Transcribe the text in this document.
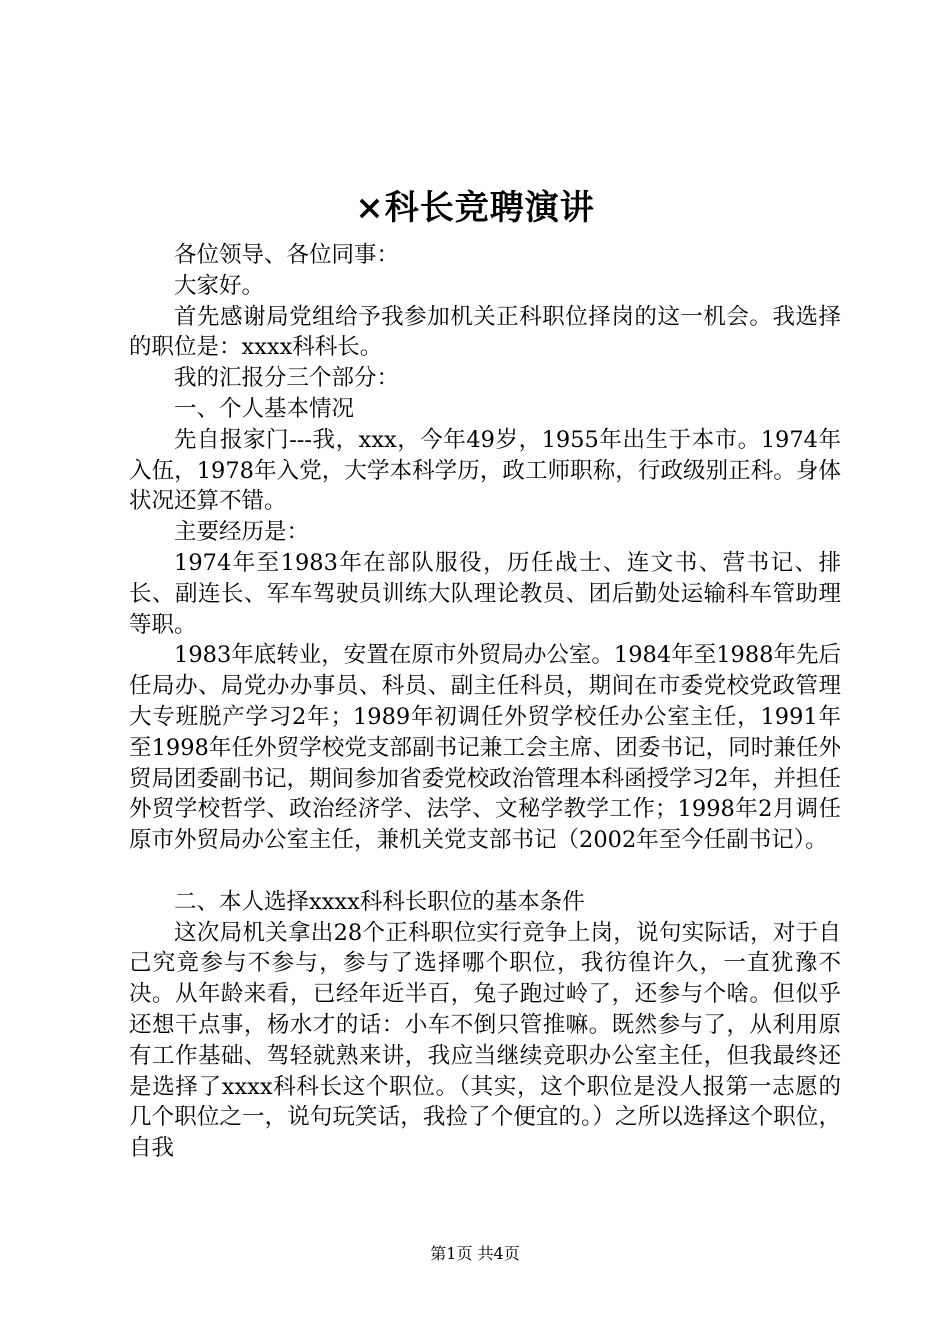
×科长竞聘演讲

各位领导、各位同事：

大家好。

首先感谢局党组给予我参加机关正科职位择岗的这一机会。我选择的职位是：xxxx科科长。

我的汇报分三个部分：

一、个人基本情况

先自报家门---我，xxx，今年49岁，1955年出生于本市。1974年入伍，1978年入党，大学本科学历，政工师职称，行政级别正科。身体状况还算不错。

主要经历是：

1974年至1983年在部队服役，历任战士、连文书、营书记、排长、副连长、军车驾驶员训练大队理论教员、团后勤处运输科车管助理等职。

1983年底转业，安置在原市外贸局办公室。1984年至1988年先后任局办、局党办办事员、科员、副主任科员，期间在市委党校党政管理大专班脱产学习2年；1989年初调任外贸学校任办公室主任，1991年至1998年任外贸学校党支部副书记兼工会主席、团委书记，同时兼任外贸局团委副书记，期间参加省委党校政治管理本科函授学习2年，并担任外贸学校哲学、政治经济学、法学、文秘学教学工作；1998年2月调任原市外贸局办公室主任，兼机关党支部书记（2002年至今任副书记）。

二、本人选择xxxx科科长职位的基本条件

这次局机关拿出28个正科职位实行竞争上岗，说句实际话，对于自己究竟参与不参与，参与了选择哪个职位，我彷徨许久，一直犹豫不决。从年龄来看，已经年近半百，兔子跑过岭了，还参与个啥。但似乎还想干点事，杨水才的话：小车不倒只管推嘛。既然参与了，从利用原有工作基础、驾轻就熟来讲，我应当继续竞职办公室主任，但我最终还是选择了xxxx科科长这个职位。（其实，这个职位是没人报第一志愿的几个职位之一，说句玩笑话，我捡了个便宜的。）之所以选择这个职位，自我

第1页 共4页
